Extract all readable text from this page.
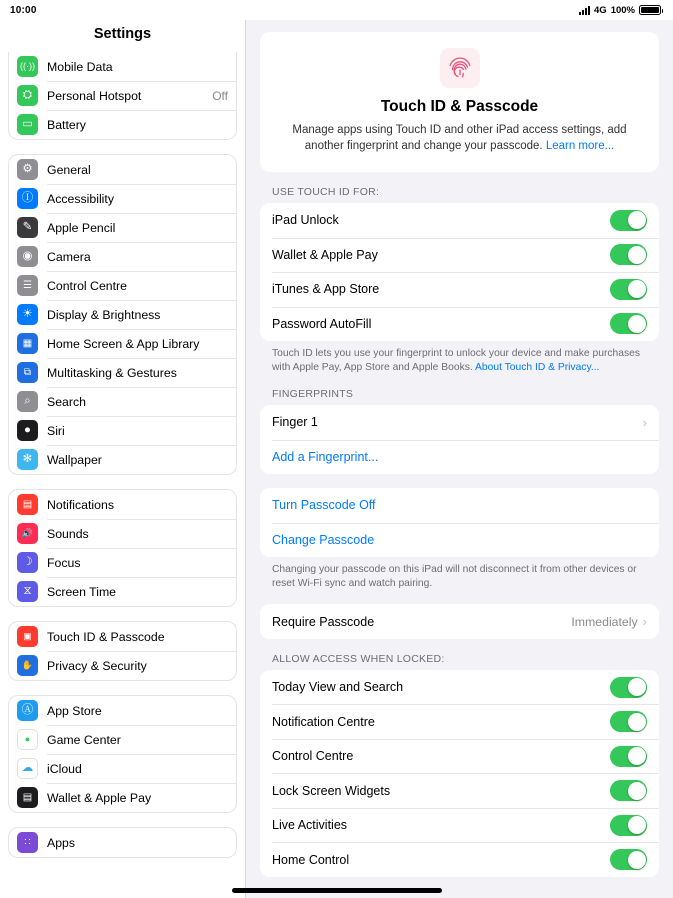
10:00	4G 100%
Settings
((·)) Mobile Data
⛭	Personal Hotspot	Off
▭	Battery
⚙	General
Ⓘ	Accessibility
✎	Apple Pencil
◉	Camera
☰	Control Centre
☀	Display & Brightness
▦	Home Screen & App Library
⧉	Multitasking & Gestures
⌕	Search
●	Siri
✻	Wallpaper
▤	Notifications
🔊	Sounds
☽	Focus
⧖	Screen Time
▣	Touch ID & Passcode
✋	Privacy & Security
Ⓐ	App Store
●	Game Center
☁	iCloud
▤	Wallet & Apple Pay
∷	Apps
Touch ID & Passcode

Manage apps using Touch ID and other iPad access settings, add another fingerprint and change your passcode. Learn more...

USE TOUCH ID FOR:
iPad Unlock
Wallet & Apple Pay
iTunes & App Store
Password AutoFill
Touch ID lets you use your fingerprint to unlock your device and make purchases with Apple Pay, App Store and Apple Books. About Touch ID & Privacy...
FINGERPRINTS
Finger 1	›
Add a Fingerprint...
Turn Passcode Off
Change Passcode
Changing your passcode on this iPad will not disconnect it from other devices or reset Wi-Fi sync and watch pairing.
Require Passcode	Immediately ›
ALLOW ACCESS WHEN LOCKED:
Today View and Search
Notification Centre
Control Centre
Lock Screen Widgets
Live Activities
Home Control
